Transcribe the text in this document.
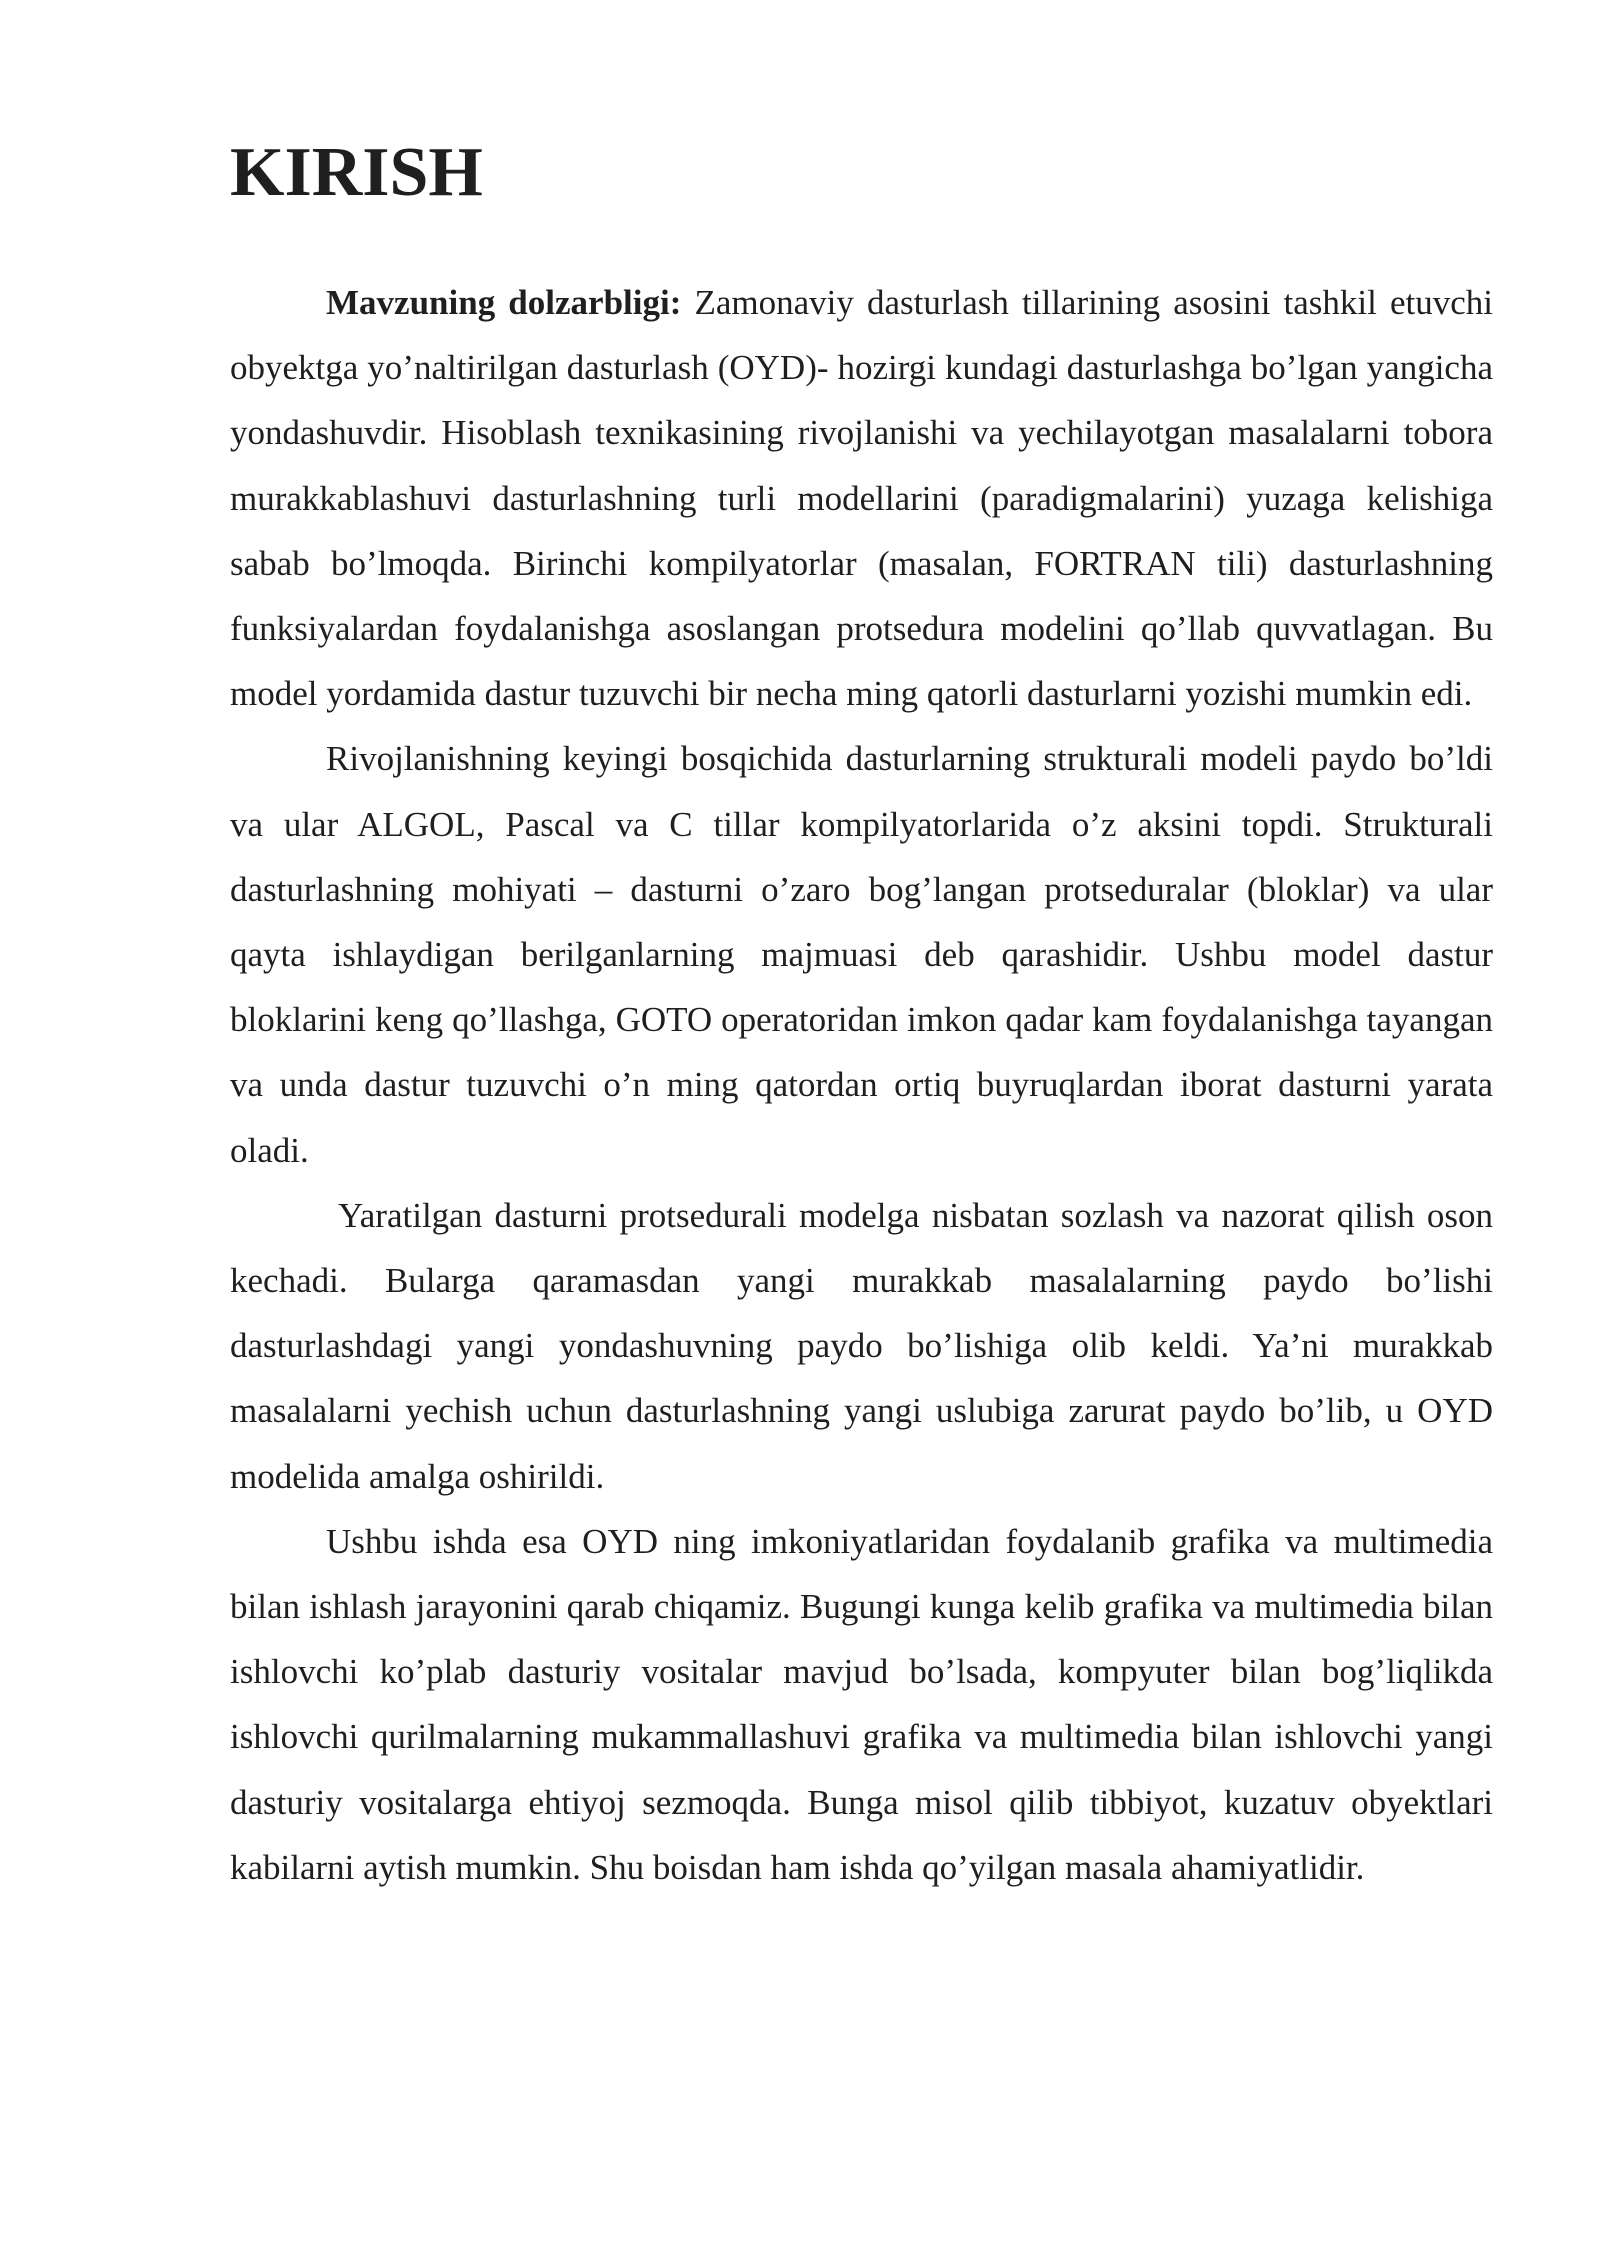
KIRISH

Mavzuning dolzarbligi: Zamonaviy dasturlash tillarining asosini tashkil etuvchi obyektga yo’naltirilgan dasturlash (OYD)- hozirgi kundagi dasturlashga bo’lgan yangicha yondashuvdir. Hisoblash texnikasining rivojlanishi va yechilayotgan masalalarni tobora murakkablashuvi dasturlashning turli modellarini (paradigmalarini) yuzaga kelishiga sabab bo’lmoqda. Birinchi kompilyatorlar (masalan, FORTRAN tili) dasturlashning funksiyalardan foydalanishga asoslangan protsedura modelini qo’llab quvvatlagan. Bu model yordamida dastur tuzuvchi bir necha ming qatorli dasturlarni yozishi mumkin edi.

Rivojlanishning keyingi bosqichida dasturlarning strukturali modeli paydo bo’ldi va ular ALGOL, Pascal va C tillar kompilyatorlarida o’z aksini topdi. Strukturali dasturlashning mohiyati – dasturni o’zaro bog’langan protseduralar (bloklar) va ular qayta ishlaydigan berilganlarning majmuasi deb qarashidir. Ushbu model dastur bloklarini keng qo’llashga, GOTO operatoridan imkon qadar kam foydalanishga tayangan va unda dastur tuzuvchi o’n ming qatordan ortiq buyruqlardan iborat dasturni yarata oladi.

Yaratilgan dasturni protsedurali modelga nisbatan sozlash va nazorat qilish oson kechadi. Bularga qaramasdan yangi murakkab masalalarning paydo bo’lishi dasturlashdagi yangi yondashuvning paydo bo’lishiga olib keldi. Ya’ni murakkab masalalarni yechish uchun dasturlashning yangi uslubiga zarurat paydo bo’lib, u OYD modelida amalga oshirildi.

Ushbu ishda esa OYD ning imkoniyatlaridan foydalanib grafika va multimedia bilan ishlash jarayonini qarab chiqamiz. Bugungi kunga kelib grafika va multimedia bilan ishlovchi ko’plab dasturiy vositalar mavjud bo’lsada, kompyuter bilan bog’liqlikda ishlovchi qurilmalarning mukammallashuvi grafika va multimedia bilan ishlovchi yangi dasturiy vositalarga ehtiyoj sezmoqda. Bunga misol qilib tibbiyot, kuzatuv obyektlari kabilarni aytish mumkin. Shu boisdan ham ishda qo’yilgan masala ahamiyatlidir.
